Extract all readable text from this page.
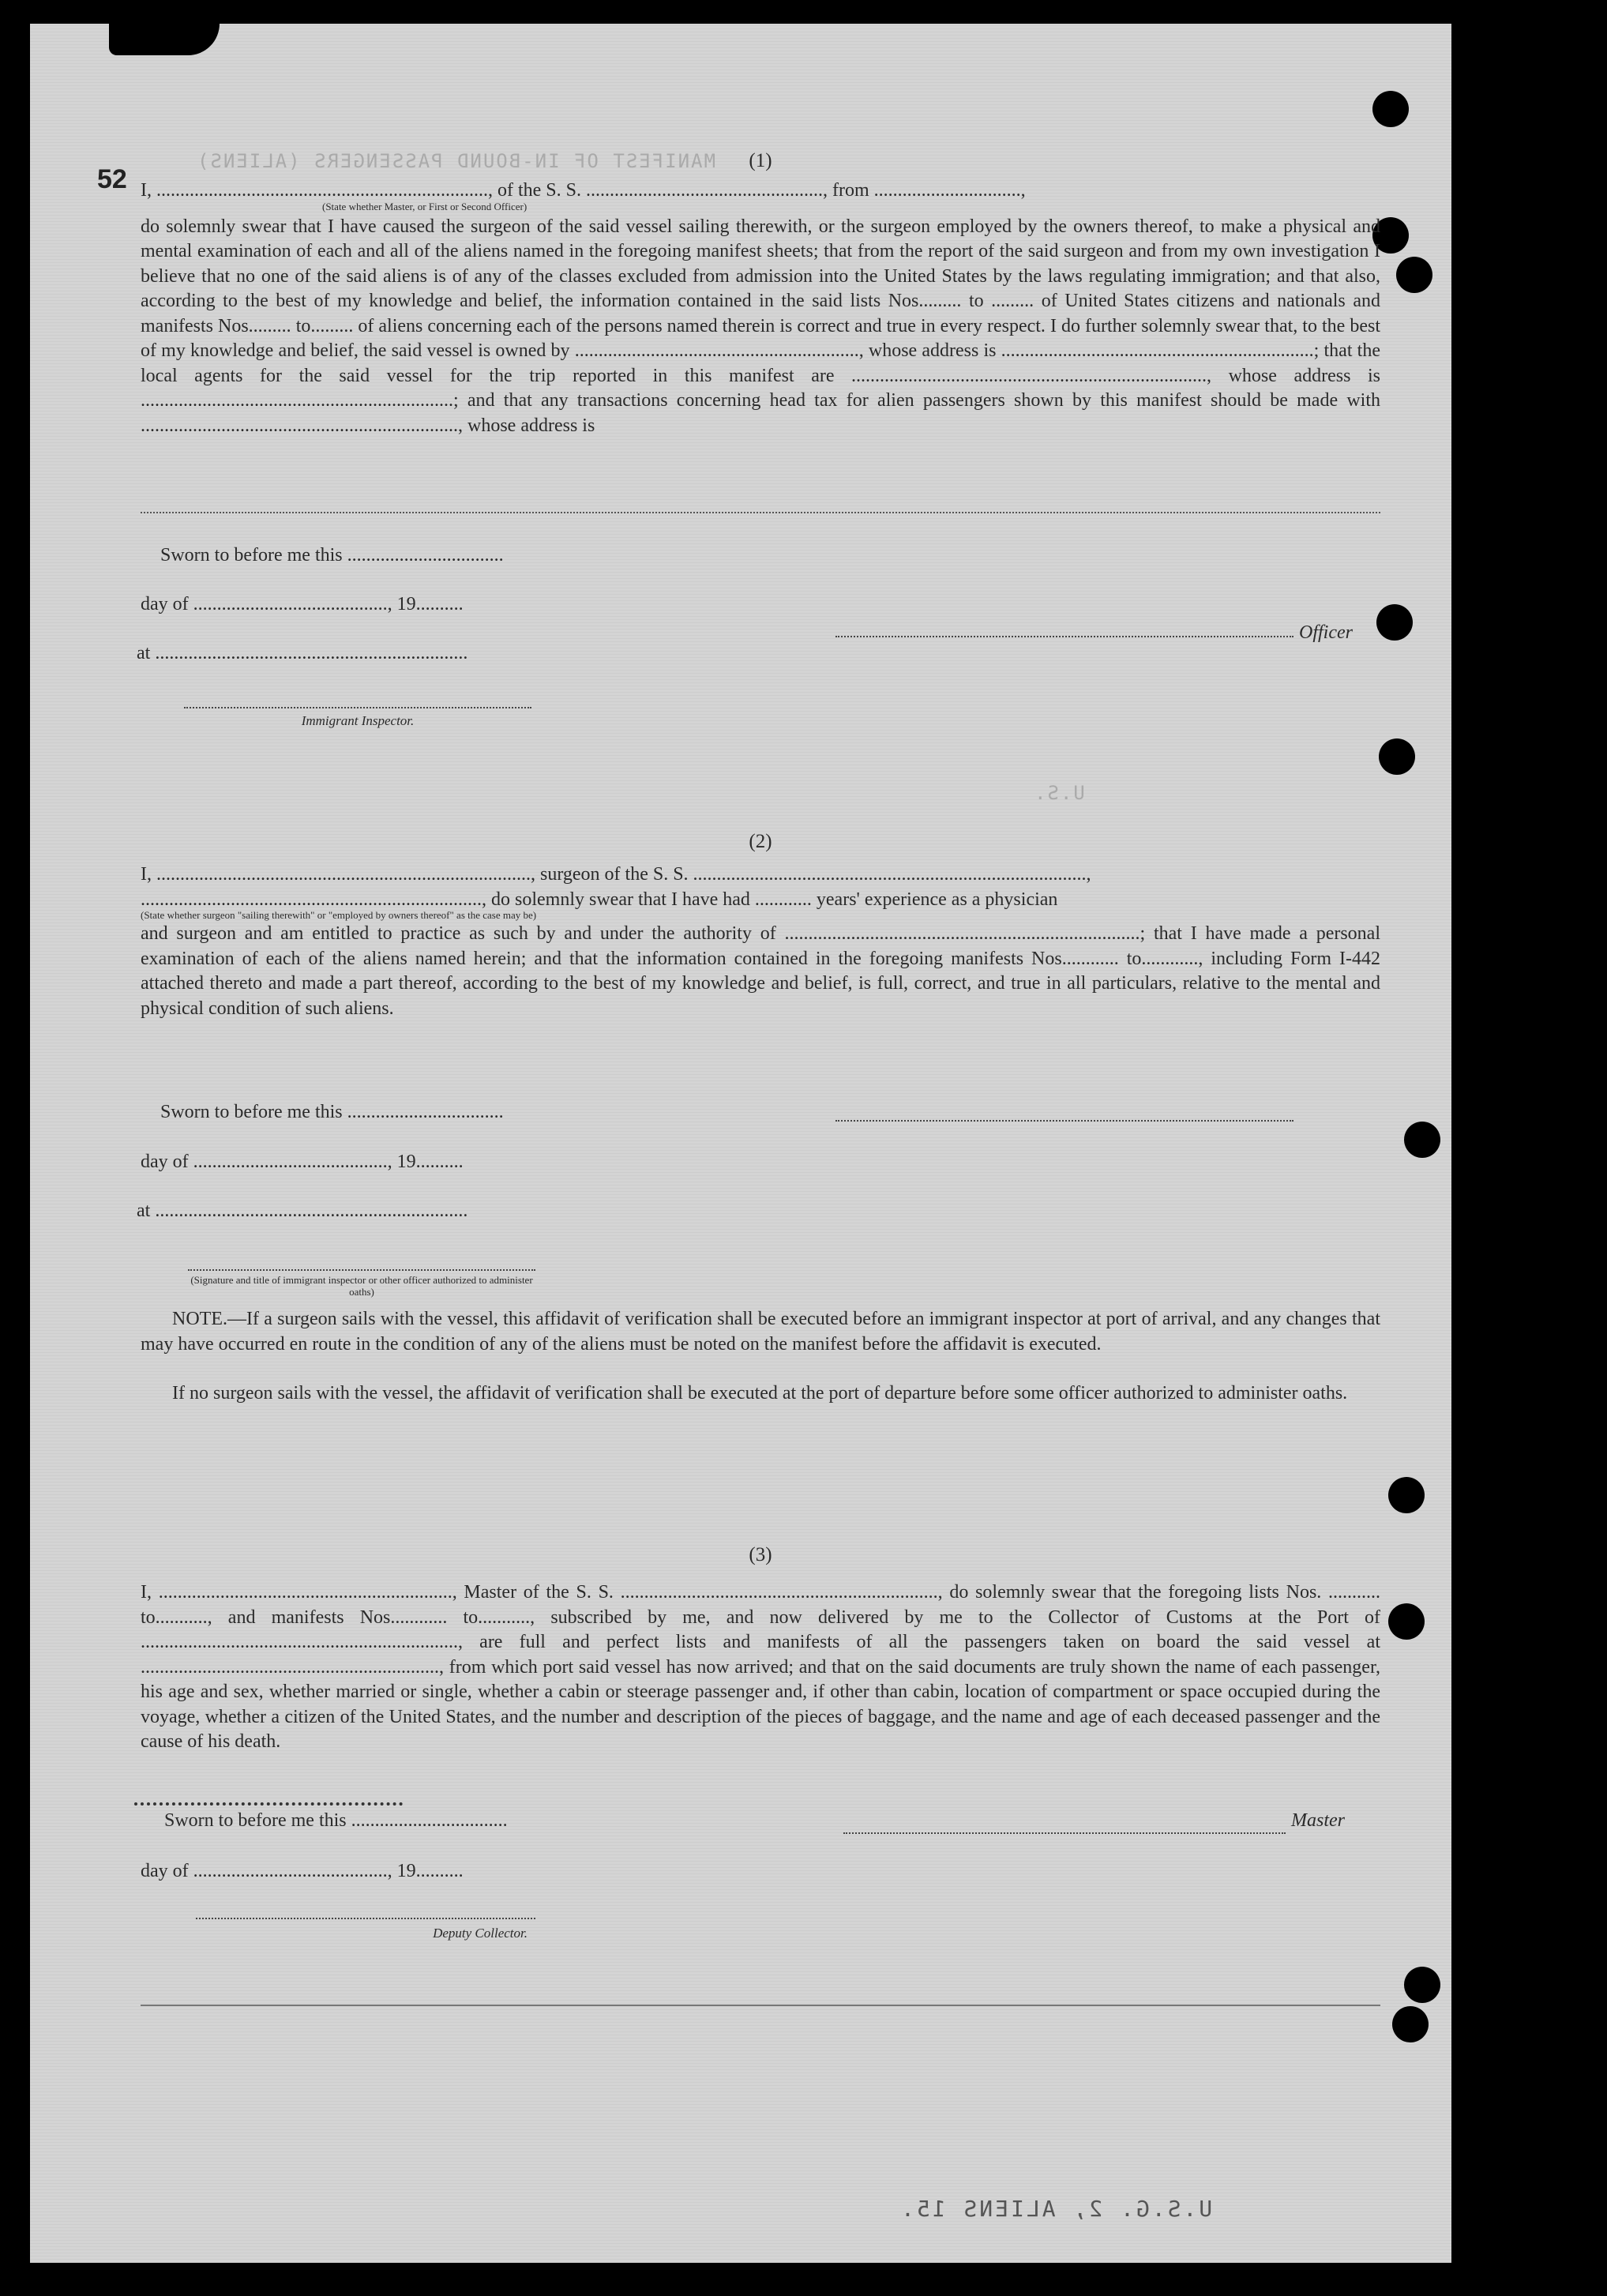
52
MANIFEST OF IN-BOUND PASSENGERS (ALIENS)
U.S.
(1)
I, ......................................................................, of the S. S. .................................................., from ...............................,
(State whether Master, or First or Second Officer)
do solemnly swear that I have caused the surgeon of the said vessel sailing therewith, or the surgeon employed by the owners thereof, to make a physical and mental examination of each and all of the aliens named in the foregoing manifest sheets; that from the report of the said surgeon and from my own investigation I believe that no one of the said aliens is of any of the classes excluded from admission into the United States by the laws regulating immigration; and that also, according to the best of my knowledge and belief, the information contained in the said lists Nos......... to ......... of United States citizens and nationals and manifests Nos......... to......... of aliens concerning each of the persons named therein is correct and true in every respect. I do further solemnly swear that, to the best of my knowledge and belief, the said vessel is owned by ............................................................, whose address is ..................................................................; that the local agents for the said vessel for the trip reported in this manifest are ..........................................................................., whose address is ..................................................................; and that any transactions concerning head tax for alien passengers shown by this manifest should be made with ..................................................................., whose address is
Sworn to before me this .................................
day of ........................................., 19..........
at ..................................................................
Immigrant Inspector.
Officer
(2)
I, ..............................................................................., surgeon of the S. S. ...................................................................................,
........................................................................, do solemnly swear that I have had ............ years' experience as a physician
(State whether surgeon "sailing therewith" or "employed by owners thereof" as the case may be)
and surgeon and am entitled to practice as such by and under the authority of ...........................................................................; that I have made a personal examination of each of the aliens named herein; and that the information contained in the foregoing manifests Nos............ to............, including Form I-442 attached thereto and made a part thereof, according to the best of my knowledge and belief, is full, correct, and true in all particulars, relative to the mental and physical condition of such aliens.
Sworn to before me this .................................
day of ........................................., 19..........
at ..................................................................
(Signature and title of immigrant inspector or other officer authorized to administer oaths)
NOTE.—If a surgeon sails with the vessel, this affidavit of verification shall be executed before an immigrant inspector at port of arrival, and any changes that may have occurred en route in the condition of any of the aliens must be noted on the manifest before the affidavit is executed.
If no surgeon sails with the vessel, the affidavit of verification shall be executed at the port of departure before some officer authorized to administer oaths.
(3)
I, .............................................................., Master of the S. S. ..................................................................., do solemnly swear that the foregoing lists Nos. ........... to..........., and manifests Nos............ to..........., subscribed by me, and now delivered by me to the Collector of Customs at the Port of ..................................................................., are full and perfect lists and manifests of all the passengers taken on board the said vessel at ..............................................................., from which port said vessel has now arrived; and that on the said documents are truly shown the name of each passenger, his age and sex, whether married or single, whether a cabin or steerage passenger and, if other than cabin, location of compartment or space occupied during the voyage, whether a citizen of the United States, and the number and description of the pieces of baggage, and the name and age of each deceased passenger and the cause of his death.
Sworn to before me this .................................	Master
day of ........................................., 19..........
Deputy Collector.
U.S.G. 2, ALIENS 15.
